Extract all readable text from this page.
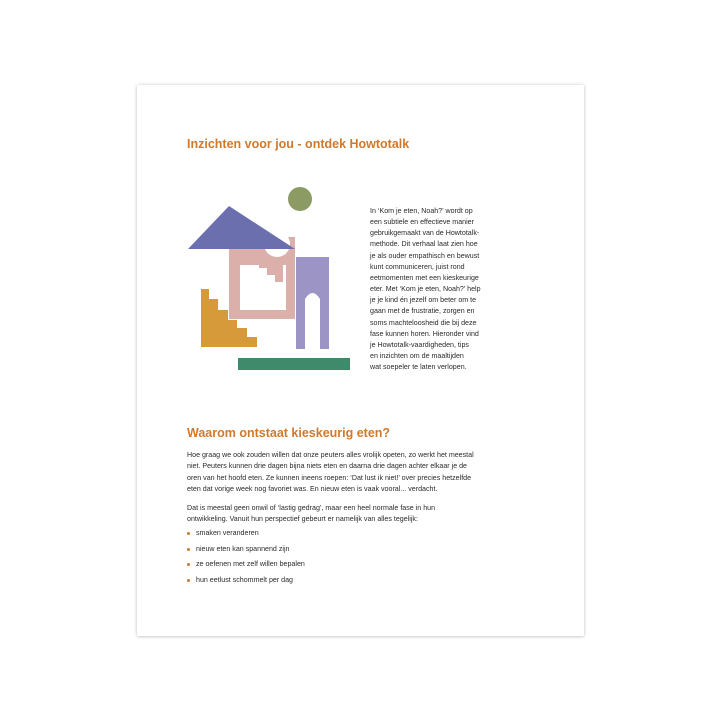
Inzichten voor jou - ontdek Howtotalk
In ‘Kom je eten, Noah?’ wordt op
een subtiele en effectieve manier
gebruikgemaakt van de Howtotalk-
methode. Dit verhaal laat zien hoe
je als ouder empathisch en bewust
kunt communiceren, juist rond
eetmomenten met een kieskeurige
eter. Met ‘Kom je eten, Noah?’ help
je je kind én jezelf om beter om te
gaan met de frustratie, zorgen en
soms machteloosheid die bij deze
fase kunnen horen. Hieronder vind
je Howtotalk-vaardigheden, tips
en inzichten om de maaltijden
wat soepeler te laten verlopen.
Waarom ontstaat kieskeurig eten?
Hoe graag we ook zouden willen dat onze peuters alles vrolijk opeten, zo werkt het meestal
niet. Peuters kunnen drie dagen bijna niets eten en daarna drie dagen achter elkaar je de
oren van het hoofd eten. Ze kunnen ineens roepen: ‘Dat lust ik niet!’ over precies hetzelfde
eten dat vorige week nog favoriet was. En nieuw eten is vaak vooral... verdacht.
Dat is meestal geen onwil of ‘lastig gedrag’, maar een heel normale fase in hun
ontwikkeling. Vanuit hun perspectief gebeurt er namelijk van alles tegelijk:
smaken veranderen
nieuw eten kan spannend zijn
ze oefenen met zelf willen bepalen
hun eetlust schommelt per dag
